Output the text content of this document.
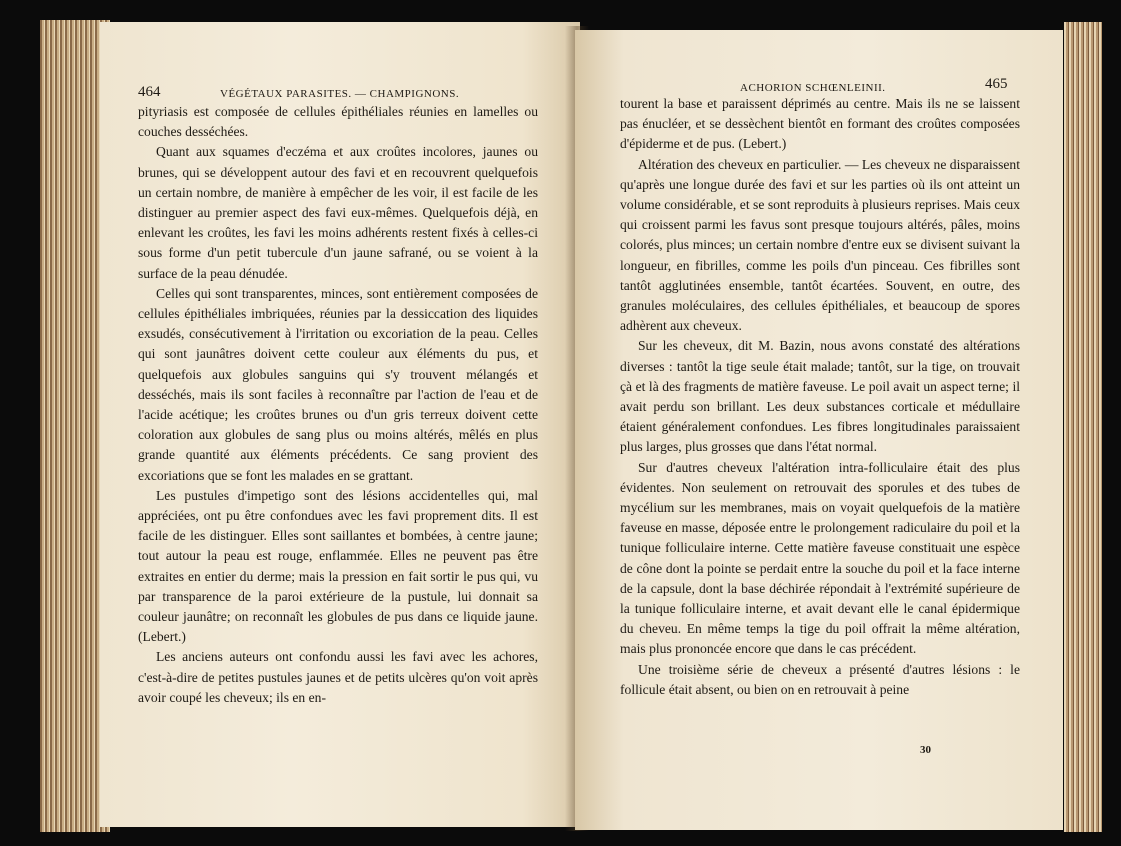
464	VÉGÉTAUX PARASITES. — CHAMPIGNONS.

pityriasis est composée de cellules épithéliales réunies en lamelles ou couches desséchées.

Quant aux squames d'eczéma et aux croûtes incolores, jaunes ou brunes, qui se développent autour des favi et en recouvrent quelquefois un certain nombre, de manière à empêcher de les voir, il est facile de les distinguer au premier aspect des favi eux-mêmes. Quelquefois déjà, en enlevant les croûtes, les favi les moins adhérents restent fixés à celles-ci sous forme d'un petit tubercule d'un jaune safrané, ou se voient à la surface de la peau dénudée.

Celles qui sont transparentes, minces, sont entièrement composées de cellules épithéliales imbriquées, réunies par la dessiccation des liquides exsudés, consécutivement à l'irritation ou excoriation de la peau. Celles qui sont jaunâtres doivent cette couleur aux éléments du pus, et quelquefois aux globules sanguins qui s'y trouvent mélangés et desséchés, mais ils sont faciles à reconnaître par l'action de l'eau et de l'acide acétique; les croûtes brunes ou d'un gris terreux doivent cette coloration aux globules de sang plus ou moins altérés, mêlés en plus grande quantité aux éléments précédents. Ce sang provient des excoriations que se font les malades en se grattant.

Les pustules d'impetigo sont des lésions accidentelles qui, mal appréciées, ont pu être confondues avec les favi proprement dits. Il est facile de les distinguer. Elles sont saillantes et bombées, à centre jaune; tout autour la peau est rouge, enflammée. Elles ne peuvent pas être extraites en entier du derme; mais la pression en fait sortir le pus qui, vu par transparence de la paroi extérieure de la pustule, lui donnait sa couleur jaunâtre; on reconnaît les globules de pus dans ce liquide jaune. (Lebert.)

Les anciens auteurs ont confondu aussi les favi avec les achores, c'est-à-dire de petites pustules jaunes et de petits ulcères qu'on voit après avoir coupé les cheveux; ils en en-

ACHORION SCHŒNLEINII.	465

tourent la base et paraissent déprimés au centre. Mais ils ne se laissent pas énucléer, et se dessèchent bientôt en formant des croûtes composées d'épiderme et de pus. (Lebert.)

Altération des cheveux en particulier. — Les cheveux ne disparaissent qu'après une longue durée des favi et sur les parties où ils ont atteint un volume considérable, et se sont reproduits à plusieurs reprises. Mais ceux qui croissent parmi les favus sont presque toujours altérés, pâles, moins colorés, plus minces; un certain nombre d'entre eux se divisent suivant la longueur, en fibrilles, comme les poils d'un pinceau. Ces fibrilles sont tantôt agglutinées ensemble, tantôt écartées. Souvent, en outre, des granules moléculaires, des cellules épithéliales, et beaucoup de spores adhèrent aux cheveux.

Sur les cheveux, dit M. Bazin, nous avons constaté des altérations diverses : tantôt la tige seule était malade; tantôt, sur la tige, on trouvait çà et là des fragments de matière faveuse. Le poil avait un aspect terne; il avait perdu son brillant. Les deux substances corticale et médullaire étaient généralement confondues. Les fibres longitudinales paraissaient plus larges, plus grosses que dans l'état normal.

Sur d'autres cheveux l'altération intra-folliculaire était des plus évidentes. Non seulement on retrouvait des sporules et des tubes de mycélium sur les membranes, mais on voyait quelquefois de la matière faveuse en masse, déposée entre le prolongement radiculaire du poil et la tunique folliculaire interne. Cette matière faveuse constituait une espèce de cône dont la pointe se perdait entre la souche du poil et la face interne de la capsule, dont la base déchirée répondait à l'extrémité supérieure de la tunique folliculaire interne, et avait devant elle le canal épidermique du cheveu. En même temps la tige du poil offrait la même altération, mais plus prononcée encore que dans le cas précédent.

Une troisième série de cheveux a présenté d'autres lésions : le follicule était absent, ou bien on en retrouvait à peine

30
